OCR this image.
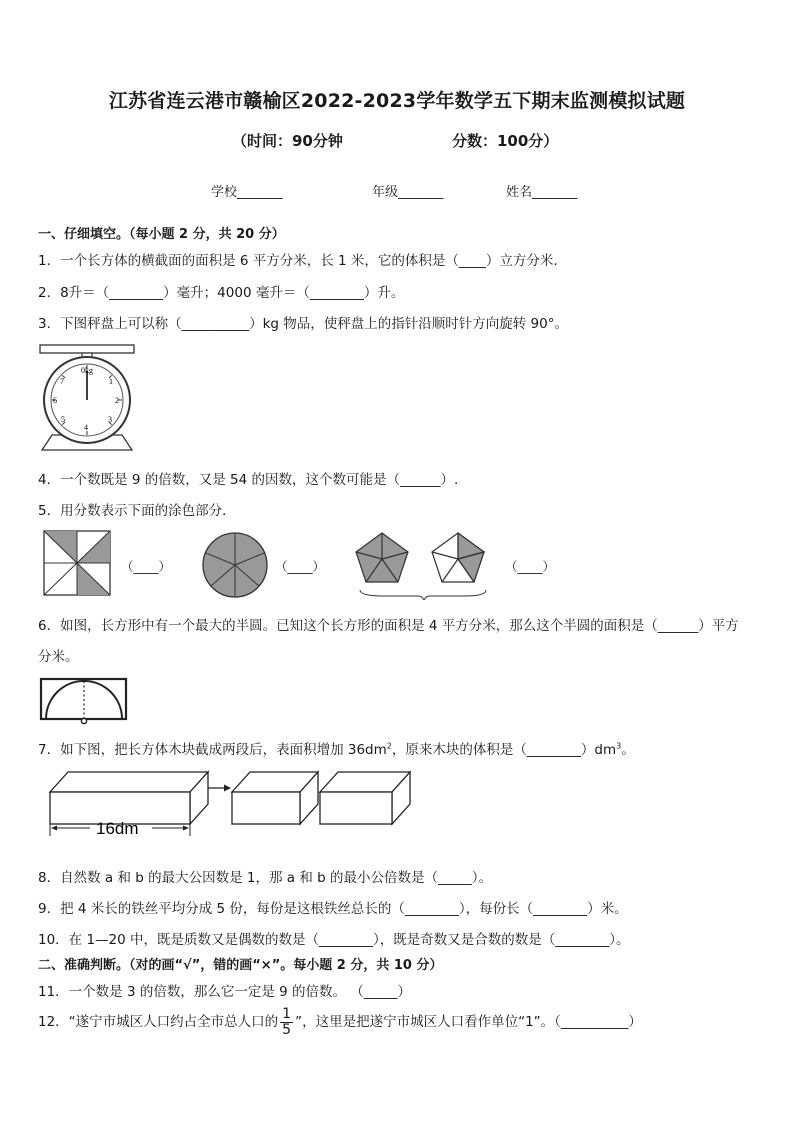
江苏省连云港市赣榆区2022-2023学年数学五下期末监测模拟试题
（时间：90分钟	分数：100分）
学校_______	年级_______	姓名_______
一、仔细填空。（每小题 2 分，共 20 分）
1．一个长方体的横截面的面积是 6 平方分米，长 1 米，它的体积是（____）立方分米.
2．8升＝（________）毫升；4000 毫升＝（________）升。
3．下图秤盘上可以称（__________）kg 物品，使秤盘上的指针沿顺时针方向旋转 90°。
0kg
1
2
3
4
5
6
7
4．一个数既是 9 的倍数，又是 54 的因数，这个数可能是（______）.
5．用分数表示下面的涂色部分．
（____）	（____）	（____）
6．如图，长方形中有一个最大的半圆。已知这个长方形的面积是 4 平方分米，那么这个半圆的面积是（______）平方
分米。
7．如下图，把长方体木块截成两段后，表面积增加 $36dm^2$，原来木块的体积是$(\_\_\_\_\_\_\_\_)dm^3$。
16dm
8．自然数 a 和 b 的最大公因数是 1，那 a 和 b 的最小公倍数是（_____）。
9．把 4 米长的铁丝平均分成 5 份，每份是这根铁丝总长的（________），每份长（________）米。
10．在 1—20 中，既是质数又是偶数的数是（________），既是奇数又是合数的数是（________）。
二、准确判断。（对的画“√”，错的画“×”。每小题 2 分，共 10 分）
11．一个数是 3 的倍数，那么它一定是 9 的倍数。 （_____）
12．“遂宁市城区人口约占全市总人口的 $\frac{1}{5}$ ”，这里是把遂宁市城区人口看作单位“1”。（__________）
